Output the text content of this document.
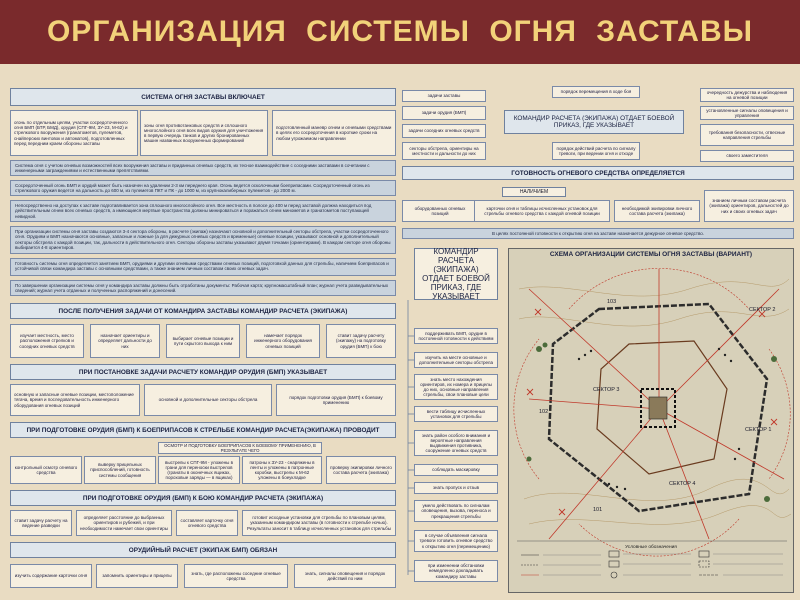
ОРГАНИЗАЦИЯ СИСТЕМЫ ОГНЯ ЗАСТАВЫ
СИСТЕМА ОГНЯ ЗАСТАВЫ ВКЛЮЧАЕТ
огонь по отдельным целям, участки сосредоточенного огня БМП (БТР, БМД), орудия (СПГ-9М, ЗУ-23, М-62) и стрелкового вооружения (гранатометов, пулеметов, снайперских винтовок и автоматов), подготовленных перед передним краем обороны заставы
зоны огня противотанковых средств и сплошного многослойного огня всех видов оружия для уничтожения в первую очередь танков и других бронированных машин названных вооруженных формирований
подготовленный маневр огнем и огневыми средствами в целях его сосредоточения в короткие сроки на любом угрожаемом направлении
Система огня с учетом огневых возможностей всех вооружения заставы и приданных огневых средств, их тесное взаимодействие с соседними заставами в сочетании с инженерными заграждениями и естественными препятствиями.
Сосредоточенный огонь БМП и орудий может быть назначен на удалении 2-3 км переднего края. Огонь ведется осколочными боеприпасами. Сосредоточенный огонь из стрелкового оружия ведется на дальность до 600 м, из пулеметов ПКТ и ПК - до 1000 м, из крупнокалиберных пулеметов - до 2000 м.
Непосредственно на доступах к заставе подготавливается зона сплошного многослойного огня. Все местность в полосе до 400 м перед заставой должна находиться под действительным огнем всех огневых средств, а имеющиеся мертвые пространства должны минироваться и поражаться огнем минометов и гранатометов поступающей невидной.
При организации системы огня заставы создаются 3-4 сектора обороны, в расчете (экипаж) назначают основной и дополнительный секторы обстрела, участки сосредоточенного огня. Орудиям и БМП назначаются основные, запасные и ложные (а для дежурных огневых средств и временные) огневые позиции, указывают основной и дополнительный секторы обстрела с каждой позиции, так, дальности в действительного огня. Секторы обороны заставы указывают двумя точками (ориентирами). В каждом секторе огня обороны выбирается 4-8 ориентиров.
Готовность системы огня определяется занятием БМП, орудиями и другими огневыми средствами огневых позиций, подготовкой данных для стрельбы, наличием боеприпасов и устойчивой связи командира заставы с основными средствами, а также знанием личным составом своих огневых задач.
По завершении организации системы огня у командира заставы должны быть отработаны документы: Рабочая карта; крупномасштабный план; журнал учета разведывательных сведений; журнал учета отданных и полученных распоряжений и донесений.
ПОСЛЕ ПОЛУЧЕНИЯ ЗАДАЧИ ОТ КОМАНДИРА ЗАСТАВЫ КОМАНДИР РАСЧЕТА (ЭКИПАЖА)
изучает местность, место расположения стрелков и соседних огневых средств
назначает ориентиры и определяет дальности до них
выбирает огневые позиции и пути скрытого выхода к ним
намечает порядок инженерного оборудования огневых позиций
ставит задачу расчету (экипажу) на подготовку орудия (БМП) к бою
ПРИ ПОСТАНОВКЕ ЗАДАЧИ РАСЧЕТУ КОМАНДИР ОРУДИЯ (БМП) УКАЗЫВАЕТ
основную и запасные огневые позиции, местоположение тягача, время и последовательность инженерного оборудования огневых позиций
основной и дополнительные секторы обстрела
порядок подготовки орудия (БМП) к боевому применению
ПРИ ПОДГОТОВКЕ ОРУДИЯ (БМП) К БОЕПРИПАСОВ К СТРЕЛЬБЕ КОМАНДИР РАСЧЕТА(ЭКИПАЖА) ПРОВОДИТ
ОСМОТР И ПОДГОТОВКУ БОЕПРИПАСОВ К БОЕВОМУ ПРИМЕНЕНИЮ, В РЕЗУЛЬТАТЕ ЧЕГО
контрольный осмотр огневого средства
выверку прицельных приспособлений, готовность системы сообщения
выстрелы к СПГ-9М - уложены в грани для переноски выстрелов (гранаты в оконечных ящиках, пороховые заряды — в ящиках)
патроны к ЗУ-23 - снаряжены в ленты и уложены в патронные коробки, выстрелы к М-62 уложены в боеукладке
проверку экипировки личного состава расчета (экипажа)
ПРИ ПОДГОТОВКЕ ОРУДИЯ (БМП) К БОЮ КОМАНДИР РАСЧЕТА (ЭКИПАЖА)
ставит задачу расчету на ведение разведки
определяет расстояние до выбранных ориентиров и рубежей, и при необходимости намечает свои ориентиры
составляет карточку огня огневого средства
готовит исходные установки для стрельбы по плановым целям, указанным командиром заставы (в готовности к стрельбе ночью). Результаты заносит в таблицу исчисленных установок для стрельбы
ОРУДИЙНЫЙ РАСЧЕТ (ЭКИПАЖ БМП) ОБЯЗАН
изучить содержание карточки огня	запомнить ориентиры и прицелы
знать, где расположены соседние огневые средства
знать, сигналы оповещения и порядок действий по ним
задачи заставы
задачи орудия (БМП)
задачи соседних огневых средств
секторы обстрела, ориентиры на местности и дальности до них
порядок перемещения в ходе боя
КОМАНДИР РАСЧЕТА (ЭКИПАЖА) ОТДАЕТ БОЕВОЙ ПРИКАЗ, ГДЕ УКАЗЫВАЕТ
порядок действий расчета по сигналу тревоги, при ведении огня и отходе
очередность дежурства и наблюдения на огневой позиции
установленные сигналы оповещения и управления
требования безопасности, отвесные направления стрельбы
своего заместителя
ГОТОВНОСТЬ ОГНЕВОГО СРЕДСТВА ОПРЕДЕЛЯЕТСЯ
НАЛИЧИЕМ
оборудованных огневых позиций
карточки огня и таблицы исчисленных установок для стрельбы огневого средства с каждой огневой позиции
необходимой экипировки личного состава расчета (экипажа)
знанием личным составом расчета (экипажа) ориентиров, дальностей до них и своих огневых задач
В целях постоянной готовности к открытию огня на заставе назначается дежурное огневое средство.
КОМАНДИР РАСЧЕТА (ЭКИПАЖА) ОТДАЕТ БОЕВОЙ ПРИКАЗ, ГДЕ УКАЗЫВАЕТ
поддерживать БМП, орудие в постоянной готовности к действиям
изучить на месте основные и дополнительные секторы обстрела
знать место нахождения ориентиров, их номера и прицелы до них, основные направления стрельбы, свои плановые цели
вести таблицу исчисленных установок для стрельбы
знать район особого внимания и вероятные направления выдвижения противника, сооружение огневых средств
соблюдать маскировку
знать пропуск и отзыв
умело действовать по сигналам оповещения, вызова, переноса и прекращения стрельбы
в случае объявления сигнала тревоги готовить огневое средство к открытию огня (перемещению)
при изменении обстановки немедленно докладывать командиру заставы
СХЕМА ОРГАНИЗАЦИИ СИСТЕМЫ ОГНЯ ЗАСТАВЫ (ВАРИАНТ)
СЕКТОР 2
СЕКТОР 1
СЕКТОР 3
СЕКТОР 4
103
102
101
Условные обозначения
